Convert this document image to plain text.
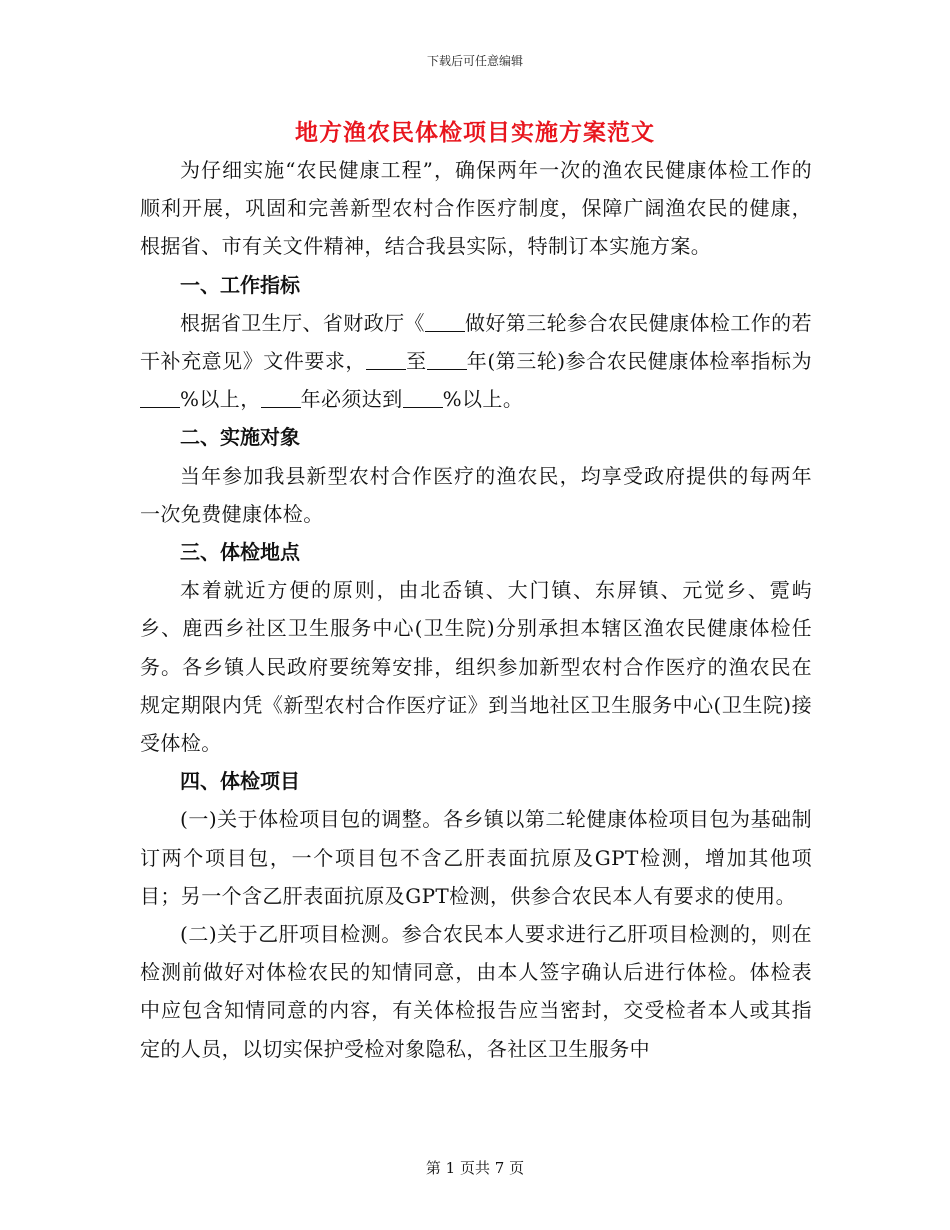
下载后可任意编辑
地方渔农民体检项目实施方案范文

为仔细实施“农民健康工程”，确保两年一次的渔农民健康体检工作的顺利开展，巩固和完善新型农村合作医疗制度，保障广阔渔农民的健康，根据省、市有关文件精神，结合我县实际，特制订本实施方案。

一、工作指标

根据省卫生厅、省财政厅《 做好第三轮参合农民健康体检工作的若干补充意见》文件要求， 至 年(第三轮)参合农民健康体检率指标为%以上， 年必须达到 %以上。

二、实施对象

当年参加我县新型农村合作医疗的渔农民，均享受政府提供的每两年一次免费健康体检。

三、体检地点

本着就近方便的原则，由北岙镇、大门镇、东屏镇、元觉乡、霓屿乡、鹿西乡社区卫生服务中心(卫生院)分别承担本辖区渔农民健康体检任务。各乡镇人民政府要统筹安排，组织参加新型农村合作医疗的渔农民在规定期限内凭《新型农村合作医疗证》到当地社区卫生服务中心(卫生院)接受体检。

四、体检项目

(一)关于体检项目包的调整。各乡镇以第二轮健康体检项目包为基础制订两个项目包，一个项目包不含乙肝表面抗原及GPT检测，增加其他项目；另一个含乙肝表面抗原及GPT检测，供参合农民本人有要求的使用。

(二)关于乙肝项目检测。参合农民本人要求进行乙肝项目检测的，则在检测前做好对体检农民的知情同意，由本人签字确认后进行体检。体检表中应包含知情同意的内容，有关体检报告应当密封，交受检者本人或其指定的人员，以切实保护受检对象隐私，各社区卫生服务中

第 1 页共 7 页
